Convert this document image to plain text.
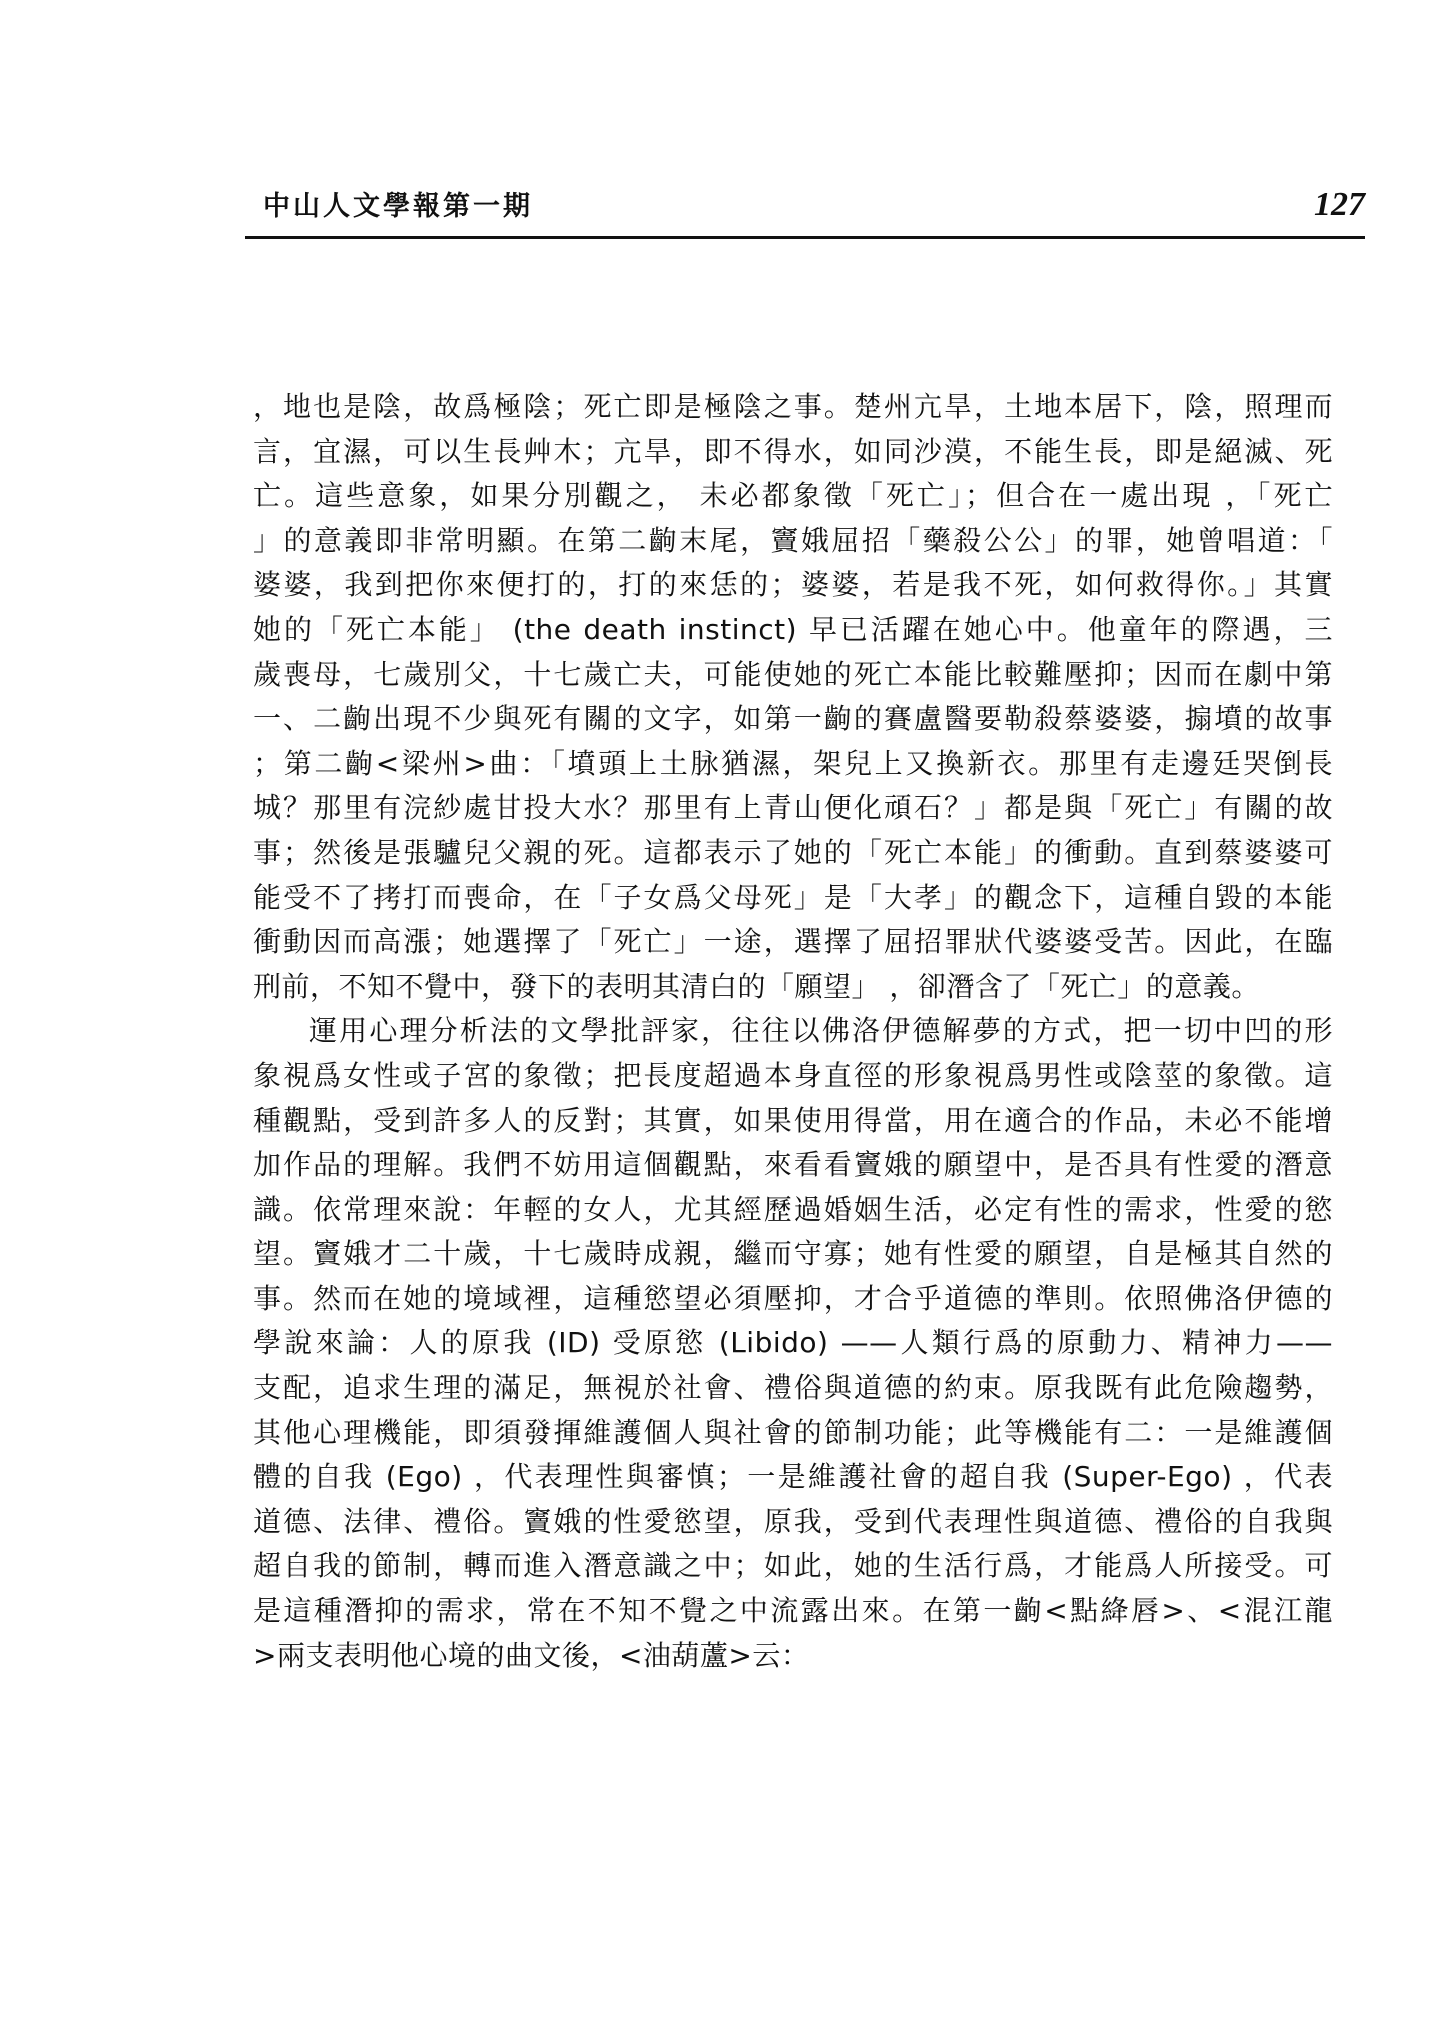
中山人文學報第一期	127
，地也是陰，故爲極陰；死亡即是極陰之事。楚州亢旱，土地本居下，陰，照理而
言，宜濕，可以生長艸木；亢旱，即不得水，如同沙漠，不能生長，即是絕滅、死
亡。這些意象，如果分別觀之， 未必都象徵「死亡」；但合在一處出現 ，「死亡
」的意義即非常明顯。在第二齣末尾，竇娥屈招「藥殺公公」的罪，她曾唱道：「
婆婆，我到把你來便打的，打的來恁的；婆婆，若是我不死，如何救得你。」其實
她的「死亡本能」 (the death instinct) 早已活躍在她心中。他童年的際遇，三
歲喪母，七歲別父，十七歲亡夫，可能使她的死亡本能比較難壓抑；因而在劇中第
一、二齣出現不少與死有關的文字，如第一齣的賽盧醫要勒殺蔡婆婆，搧墳的故事
；第二齣<梁州>曲：「墳頭上土脉猶濕，架兒上又換新衣。那里有走邊廷哭倒長
城？那里有浣紗處甘投大水？那里有上青山便化頑石？」都是與「死亡」有關的故
事；然後是張驢兒父親的死。這都表示了她的「死亡本能」的衝動。直到蔡婆婆可
能受不了拷打而喪命，在「子女爲父母死」是「大孝」的觀念下，這種自毀的本能
衝動因而高漲；她選擇了「死亡」一途，選擇了屈招罪狀代婆婆受苦。因此，在臨
刑前，不知不覺中，發下的表明其清白的「願望」 ，卻潛含了「死亡」的意義。
運用心理分析法的文學批評家，往往以佛洛伊德解夢的方式，把一切中凹的形
象視爲女性或子宮的象徵；把長度超過本身直徑的形象視爲男性或陰莖的象徵。這
種觀點，受到許多人的反對；其實，如果使用得當，用在適合的作品，未必不能增
加作品的理解。我們不妨用這個觀點，來看看竇娥的願望中，是否具有性愛的潛意
識。依常理來說：年輕的女人，尤其經歷過婚姻生活，必定有性的需求，性愛的慾
望。竇娥才二十歲，十七歲時成親，繼而守寡；她有性愛的願望，自是極其自然的
事。然而在她的境域裡，這種慾望必須壓抑，才合乎道德的準則。依照佛洛伊德的
學說來論：人的原我 (ID) 受原慾 (Libido) ——人類行爲的原動力、精神力——
支配，追求生理的滿足，無視於社會、禮俗與道德的約束。原我既有此危險趨勢，
其他心理機能，即須發揮維護個人與社會的節制功能；此等機能有二：一是維護個
體的自我 (Ego) ，代表理性與審慎；一是維護社會的超自我 (Super-Ego) ，代表
道德、法律、禮俗。竇娥的性愛慾望，原我，受到代表理性與道德、禮俗的自我與
超自我的節制，轉而進入潛意識之中；如此，她的生活行爲，才能爲人所接受。可
是這種潛抑的需求，常在不知不覺之中流露出來。在第一齣<點絳唇>、<混江龍
>兩支表明他心境的曲文後，<油葫蘆>云：
